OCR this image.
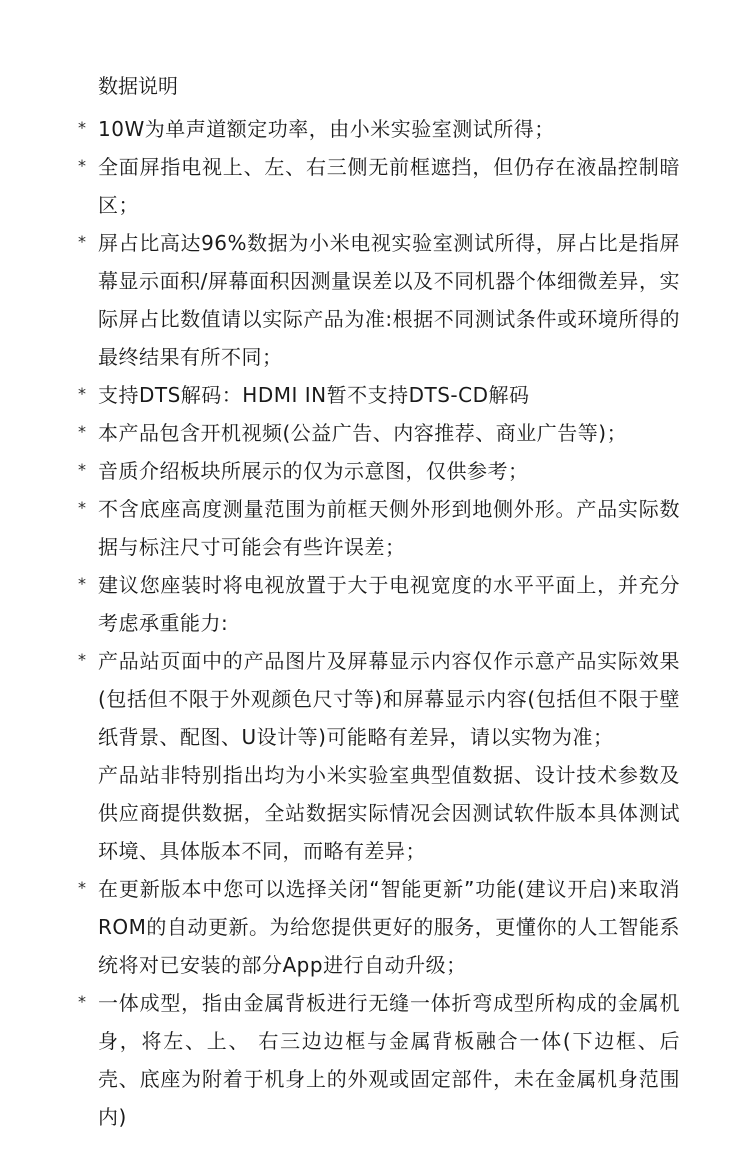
数据说明
* 10W为单声道额定功率，由小米实验室测试所得；
* 全面屏指电视上、左、右三侧无前框遮挡，但仍存在液晶控制暗区；
* 屏占比高达96%数据为小米电视实验室测试所得，屏占比是指屏幕显示面积/屏幕面积因测量误差以及不同机器个体细微差异，实际屏占比数值请以实际产品为准:根据不同测试条件或环境所得的最终结果有所不同；
* 支持DTS解码：HDMI IN暂不支持DTS-CD解码
* 本产品包含开机视频(公益广告、内容推荐、商业广告等)；
* 音质介绍板块所展示的仅为示意图，仅供参考；
* 不含底座高度测量范围为前框天侧外形到地侧外形。产品实际数据与标注尺寸可能会有些许误差；
* 建议您座装时将电视放置于大于电视宽度的水平平面上，并充分考虑承重能力:
* 产品站页面中的产品图片及屏幕显示内容仅作示意产品实际效果(包括但不限于外观颜色尺寸等)和屏幕显示内容(包括但不限于壁纸背景、配图、U设计等)可能略有差异，请以实物为准；
产品站非特别指出均为小米实验室典型值数据、设计技术参数及供应商提供数据，全站数据实际情况会因测试软件版本具体测试环境、具体版本不同，而略有差异；
* 在更新版本中您可以选择关闭“智能更新”功能(建议开启)来取消ROM的自动更新。为给您提供更好的服务，更懂你的人工智能系统将对已安装的部分App进行自动升级；
* 一体成型，指由金属背板进行无缝一体折弯成型所构成的金属机身，将左、上、 右三边边框与金属背板融合一体(下边框、后壳、底座为附着于机身上的外观或固定部件，未在金属机身范围内)
